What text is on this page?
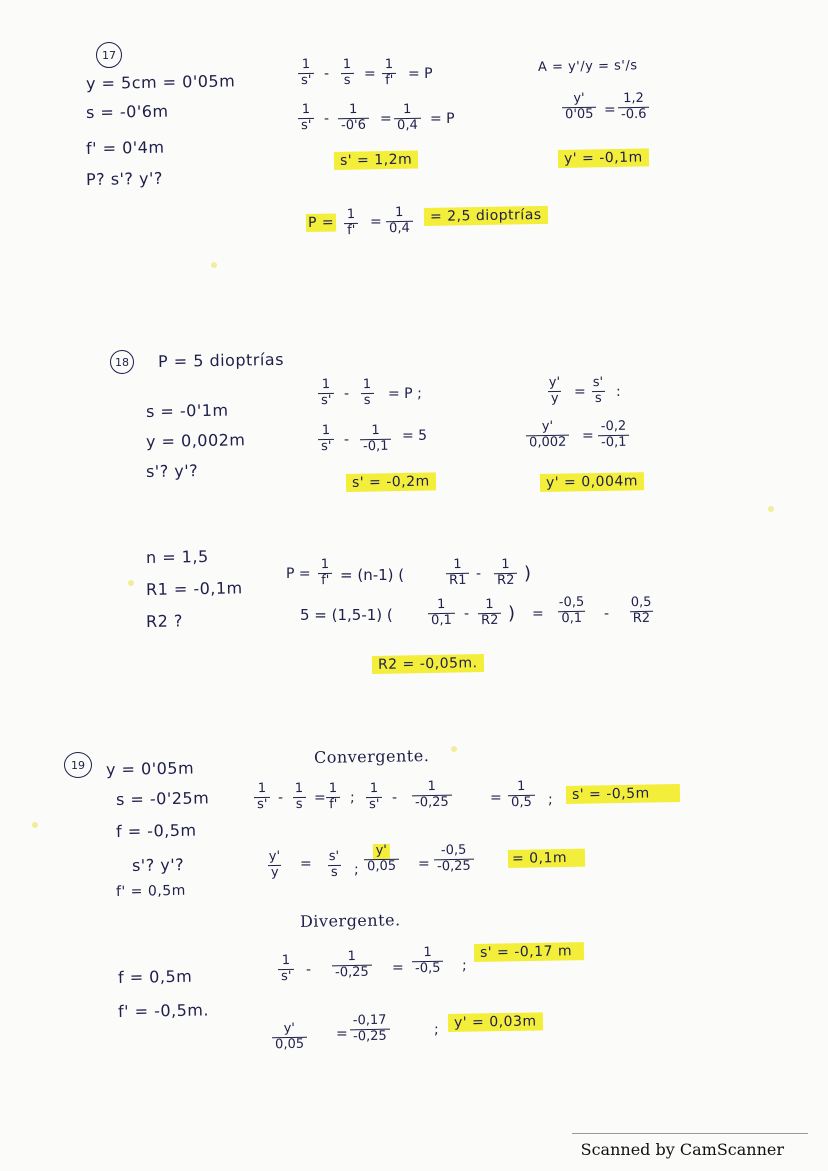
17
y = 5cm = 0'05m
s = -0'6m
f' = 0'4m
P? s'? y'?
$\frac{1}{s'} - \frac{1}{s} = \frac{1}{f'} = P$
$\frac{1}{s'} - \frac{1}{-0'6} = \frac{1}{0,4} = P$
s' = 1,2m
A = y'/y = s'/s
$\frac{y'}{0'05} = \frac{1,2}{-0.6}$
y' = -0,1m
$P = \frac{1}{f'} = \frac{1}{0,4}$	= 2,5 dioptrías
18	P = 5 dioptrías
s = -0'1m
y = 0,002m
s'? y'?
$\frac{1}{s'} - \frac{1}{s} = P$ ;
$\frac{1}{s'} - \frac{1}{-0,1} = 5$
s' = -0,2m
$\frac{y'}{y} = \frac{s'}{s}$ :
$\frac{y'}{0,002} = \frac{-0,2}{-0,1}$
y' = 0,004m
n = 1,5
R1 = -0,1m
R2 ?
$P = \frac{1}{f'} = (n-1)$ (	$\frac{1}{R1} - \frac{1}{R2}$ )
5 = (1,5-1) (	$\frac{1}{0,1} - \frac{1}{R2}$ ) = $\frac{-0,5}{0,1} - \frac{0,5}{R2}$
R2 = -0,05m.
19	y = 0'05m
s = -0'25m
f = -0,5m
s'? y'?
f' = 0,5m
Convergente.
$\frac{1}{s'} - \frac{1}{s} = \frac{1}{f'}$ ; $\frac{1}{s'} - \frac{1}{-0,25}$	= $\frac{1}{0,5}$ ;	s' = -0,5m
$\frac{y'}{y} = \frac{s'}{s}$ ; $\frac{y'}{0,05} = \frac{-0,5}{-0,25}$	= 0,1m
Divergente.
f = 0,5m
f' = -0,5m.
$\frac{1}{s'} - \frac{1}{-0,25} = \frac{1}{-0,5}$ ;
s' = -0,17 m
$\frac{y'}{0,05} = \frac{-0,17}{-0,25}$	;	y' = 0,03m
Scanned by CamScanner
